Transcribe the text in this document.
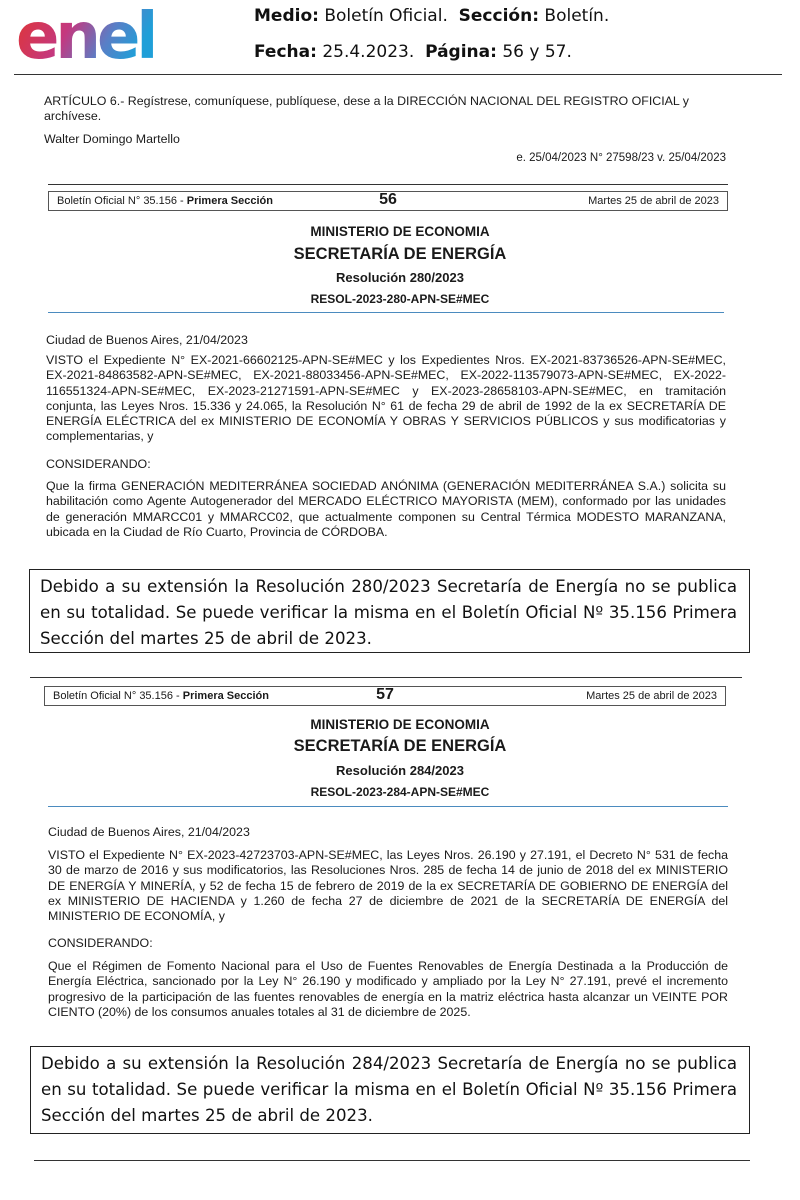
enel	Medio: Boletín Oficial. Sección: Boletín.
Fecha: 25.4.2023. Página: 56 y 57.
ARTÍCULO 6.- Regístrese, comuníquese, publíquese, dese a la DIRECCIÓN NACIONAL DEL REGISTRO OFICIAL y archívese.
Walter Domingo Martello
e. 25/04/2023 N° 27598/23 v. 25/04/2023
Boletín Oficial N° 35.156 - Primera Sección	56	Martes 25 de abril de 2023
MINISTERIO DE ECONOMIA
SECRETARÍA DE ENERGÍA
Resolución 280/2023
RESOL-2023-280-APN-SE#MEC
Ciudad de Buenos Aires, 21/04/2023
VISTO el Expediente N° EX-2021-66602125-APN-SE#MEC y los Expedientes Nros. EX-2021-83736526-APN-SE#MEC, EX-2021-84863582-APN-SE#MEC, EX-2021-88033456-APN-SE#MEC, EX-2022-113579073-APN-SE#MEC, EX-2022-116551324-APN-SE#MEC, EX-2023-21271591-APN-SE#MEC y EX-2023-28658103-APN-SE#MEC, en tramitación conjunta, las Leyes Nros. 15.336 y 24.065, la Resolución N° 61 de fecha 29 de abril de 1992 de la ex SECRETARÍA DE ENERGÍA ELÉCTRICA del ex MINISTERIO DE ECONOMÍA Y OBRAS Y SERVICIOS PÚBLICOS y sus modificatorias y complementarias, y
CONSIDERANDO:
Que la firma GENERACIÓN MEDITERRÁNEA SOCIEDAD ANÓNIMA (GENERACIÓN MEDITERRÁNEA S.A.) solicita su habilitación como Agente Autogenerador del MERCADO ELÉCTRICO MAYORISTA (MEM), conformado por las unidades de generación MMARCC01 y MMARCC02, que actualmente componen su Central Térmica MODESTO MARANZANA, ubicada en la Ciudad de Río Cuarto, Provincia de CÓRDOBA.
Debido a su extensión la Resolución 280/2023 Secretaría de Energía no se publica en su totalidad. Se puede verificar la misma en el Boletín Oficial Nº 35.156 Primera Sección del martes 25 de abril de 2023.
Boletín Oficial N° 35.156 - Primera Sección	57	Martes 25 de abril de 2023
MINISTERIO DE ECONOMIA
SECRETARÍA DE ENERGÍA
Resolución 284/2023
RESOL-2023-284-APN-SE#MEC
Ciudad de Buenos Aires, 21/04/2023
VISTO el Expediente N° EX-2023-42723703-APN-SE#MEC, las Leyes Nros. 26.190 y 27.191, el Decreto N° 531 de fecha 30 de marzo de 2016 y sus modificatorios, las Resoluciones Nros. 285 de fecha 14 de junio de 2018 del ex MINISTERIO DE ENERGÍA Y MINERÍA, y 52 de fecha 15 de febrero de 2019 de la ex SECRETARÍA DE GOBIERNO DE ENERGÍA del ex MINISTERIO DE HACIENDA y 1.260 de fecha 27 de diciembre de 2021 de la SECRETARÍA DE ENERGÍA del MINISTERIO DE ECONOMÍA, y
CONSIDERANDO:
Que el Régimen de Fomento Nacional para el Uso de Fuentes Renovables de Energía Destinada a la Producción de Energía Eléctrica, sancionado por la Ley N° 26.190 y modificado y ampliado por la Ley N° 27.191, prevé el incremento progresivo de la participación de las fuentes renovables de energía en la matriz eléctrica hasta alcanzar un VEINTE POR CIENTO (20%) de los consumos anuales totales al 31 de diciembre de 2025.
Debido a su extensión la Resolución 284/2023 Secretaría de Energía no se publica en su totalidad. Se puede verificar la misma en el Boletín Oficial Nº 35.156 Primera Sección del martes 25 de abril de 2023.
